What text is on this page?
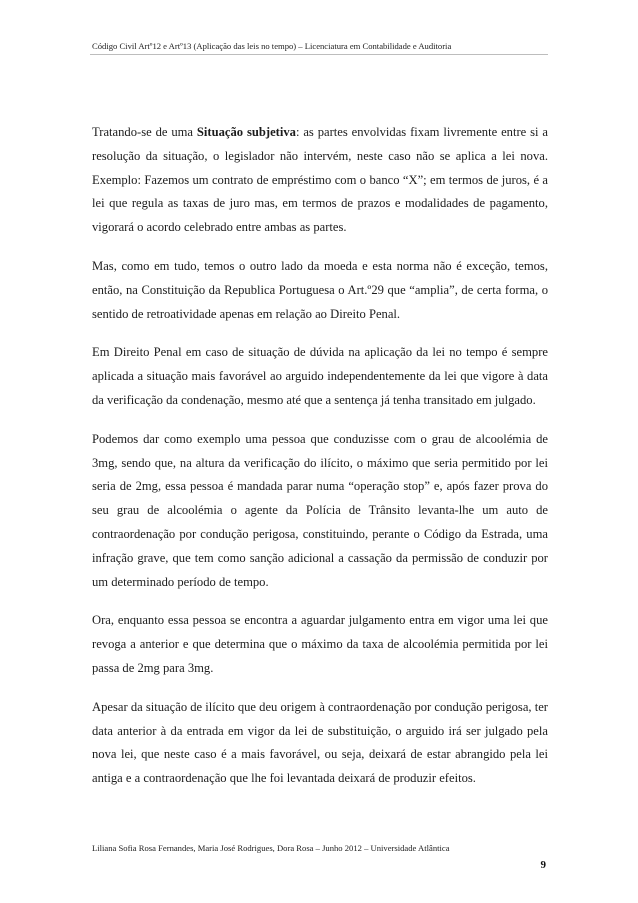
Código Civil Artº12 e Artº13 (Aplicação das leis no tempo) – Licenciatura em Contabilidade e Auditoria

Tratando-se de uma Situação subjetiva: as partes envolvidas fixam livremente entre si a resolução da situação, o legislador não intervém, neste caso não se aplica a lei nova. Exemplo: Fazemos um contrato de empréstimo com o banco “X”; em termos de juros, é a lei que regula as taxas de juro mas, em termos de prazos e modalidades de pagamento, vigorará o acordo celebrado entre ambas as partes.

Mas, como em tudo, temos o outro lado da moeda e esta norma não é exceção, temos, então, na Constituição da Republica Portuguesa o Art.º29 que “amplia”, de certa forma, o sentido de retroatividade apenas em relação ao Direito Penal.

Em Direito Penal em caso de situação de dúvida na aplicação da lei no tempo é sempre aplicada a situação mais favorável ao arguido independentemente da lei que vigore à data da verificação da condenação, mesmo até que a sentença já tenha transitado em julgado.

Podemos dar como exemplo uma pessoa que conduzisse com o grau de alcoolémia de 3mg, sendo que, na altura da verificação do ilícito, o máximo que seria permitido por lei seria de 2mg, essa pessoa é mandada parar numa “operação stop” e, após fazer prova do seu grau de alcoolémia o agente da Polícia de Trânsito levanta-lhe um auto de contraordenação por condução perigosa, constituindo, perante o Código da Estrada, uma infração grave, que tem como sanção adicional a cassação da permissão de conduzir por um determinado período de tempo.

Ora, enquanto essa pessoa se encontra a aguardar julgamento entra em vigor uma lei que revoga a anterior e que determina que o máximo da taxa de alcoolémia permitida por lei passa de 2mg para 3mg.

Apesar da situação de ilícito que deu origem à contraordenação por condução perigosa, ter data anterior à da entrada em vigor da lei de substituição, o arguido irá ser julgado pela nova lei, que neste caso é a mais favorável, ou seja, deixará de estar abrangido pela lei antiga e a contraordenação que lhe foi levantada deixará de produzir efeitos.

Liliana Sofia Rosa Fernandes, Maria José Rodrigues, Dora Rosa – Junho 2012 – Universidade Atlântica
9
